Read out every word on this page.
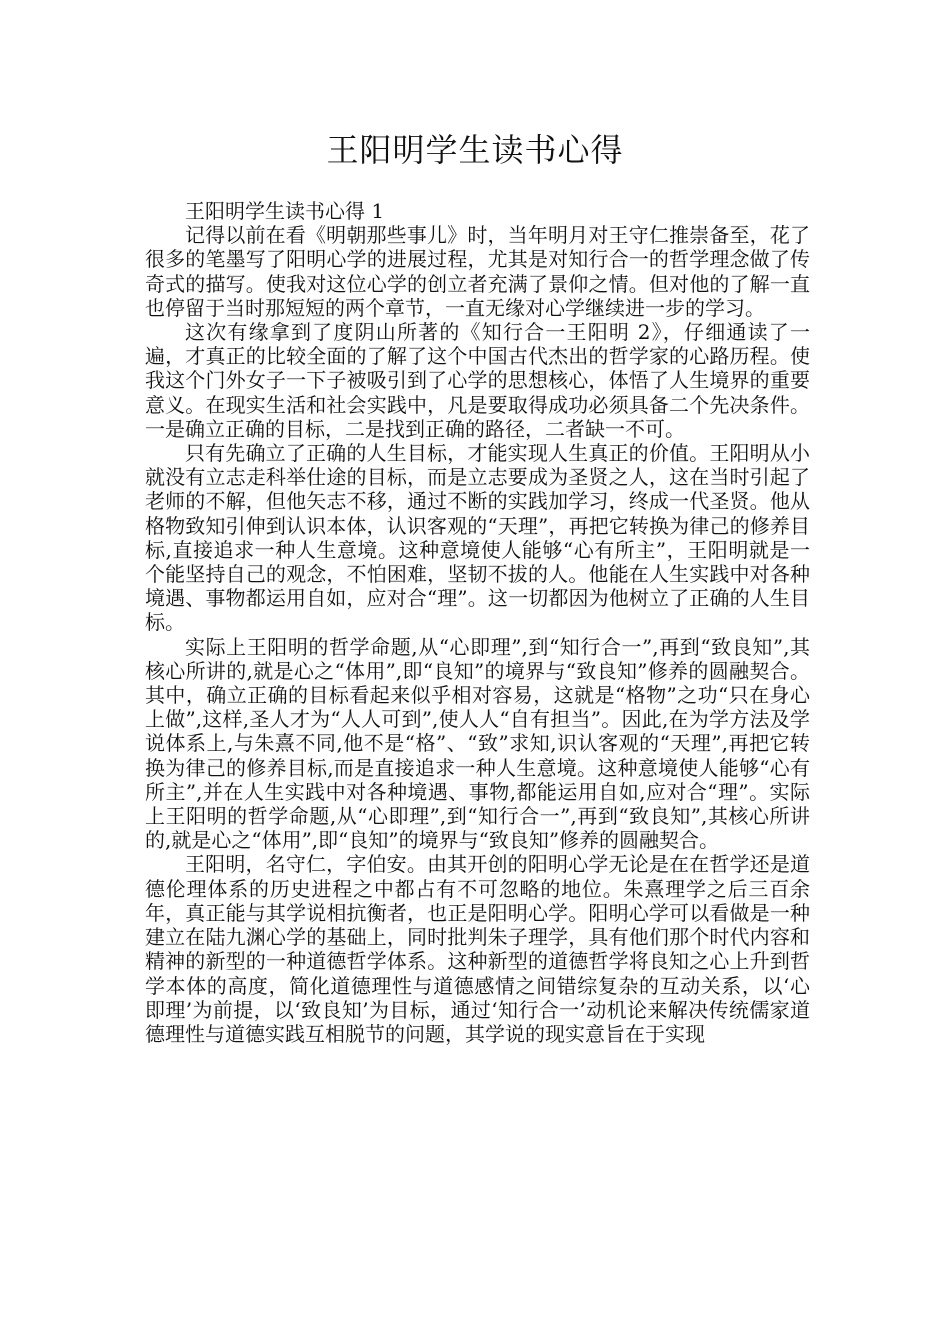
王阳明学生读书心得
王阳明学生读书心得 1

记得以前在看《明朝那些事儿》时，当年明月对王守仁推崇备至，花了很多的笔墨写了阳明心学的进展过程，尤其是对知行合一的哲学理念做了传奇式的描写。使我对这位心学的创立者充满了景仰之情。但对他的了解一直也停留于当时那短短的两个章节，一直无缘对心学继续进一步的学习。

这次有缘拿到了度阴山所著的《知行合一王阳明 2》，仔细通读了一遍，才真正的比较全面的了解了这个中国古代杰出的哲学家的心路历程。使我这个门外女子一下子被吸引到了心学的思想核心，体悟了人生境界的重要意义。在现实生活和社会实践中，凡是要取得成功必须具备二个先决条件。一是确立正确的目标，二是找到正确的路径，二者缺一不可。

只有先确立了正确的人生目标，才能实现人生真正的价值。王阳明从小就没有立志走科举仕途的目标，而是立志要成为圣贤之人，这在当时引起了老师的不解，但他矢志不移，通过不断的实践加学习，终成一代圣贤。他从格物致知引伸到认识本体，认识客观的“天理”，再把它转换为律己的修养目标,直接追求一种人生意境。这种意境使人能够“心有所主”，王阳明就是一个能坚持自己的观念，不怕困难，坚韧不拔的人。他能在人生实践中对各种境遇、事物都运用自如，应对合“理”。这一切都因为他树立了正确的人生目标。

实际上王阳明的哲学命题,从“心即理”,到“知行合一”,再到“致良知”,其核心所讲的,就是心之“体用”,即“良知”的境界与“致良知”修养的圆融契合。其中，确立正确的目标看起来似乎相对容易，这就是“格物”之功“只在身心上做”,这样,圣人才为“人人可到”,使人人“自有担当”。因此,在为学方法及学说体系上,与朱熹不同,他不是“格”、“致”求知,识认客观的“天理”,再把它转换为律己的修养目标,而是直接追求一种人生意境。这种意境使人能够“心有所主”,并在人生实践中对各种境遇、事物,都能运用自如,应对合“理”。实际上王阳明的哲学命题,从“心即理”,到“知行合一”,再到“致良知”,其核心所讲的,就是心之“体用”,即“良知”的境界与“致良知”修养的圆融契合。

王阳明，名守仁，字伯安。由其开创的阳明心学无论是在在哲学还是道德伦理体系的历史进程之中都占有不可忽略的地位。朱熹理学之后三百余年，真正能与其学说相抗衡者，也正是阳明心学。阳明心学可以看做是一种建立在陆九渊心学的基础上，同时批判朱子理学，具有他们那个时代内容和精神的新型的一种道德哲学体系。这种新型的道德哲学将良知之心上升到哲学本体的高度，简化道德理性与道德感情之间错综复杂的互动关系，以‘心即理’为前提，以‘致良知’为目标，通过‘知行合一’动机论来解决传统儒家道德理性与道德实践互相脱节的问题，其学说的现实意旨在于实现
